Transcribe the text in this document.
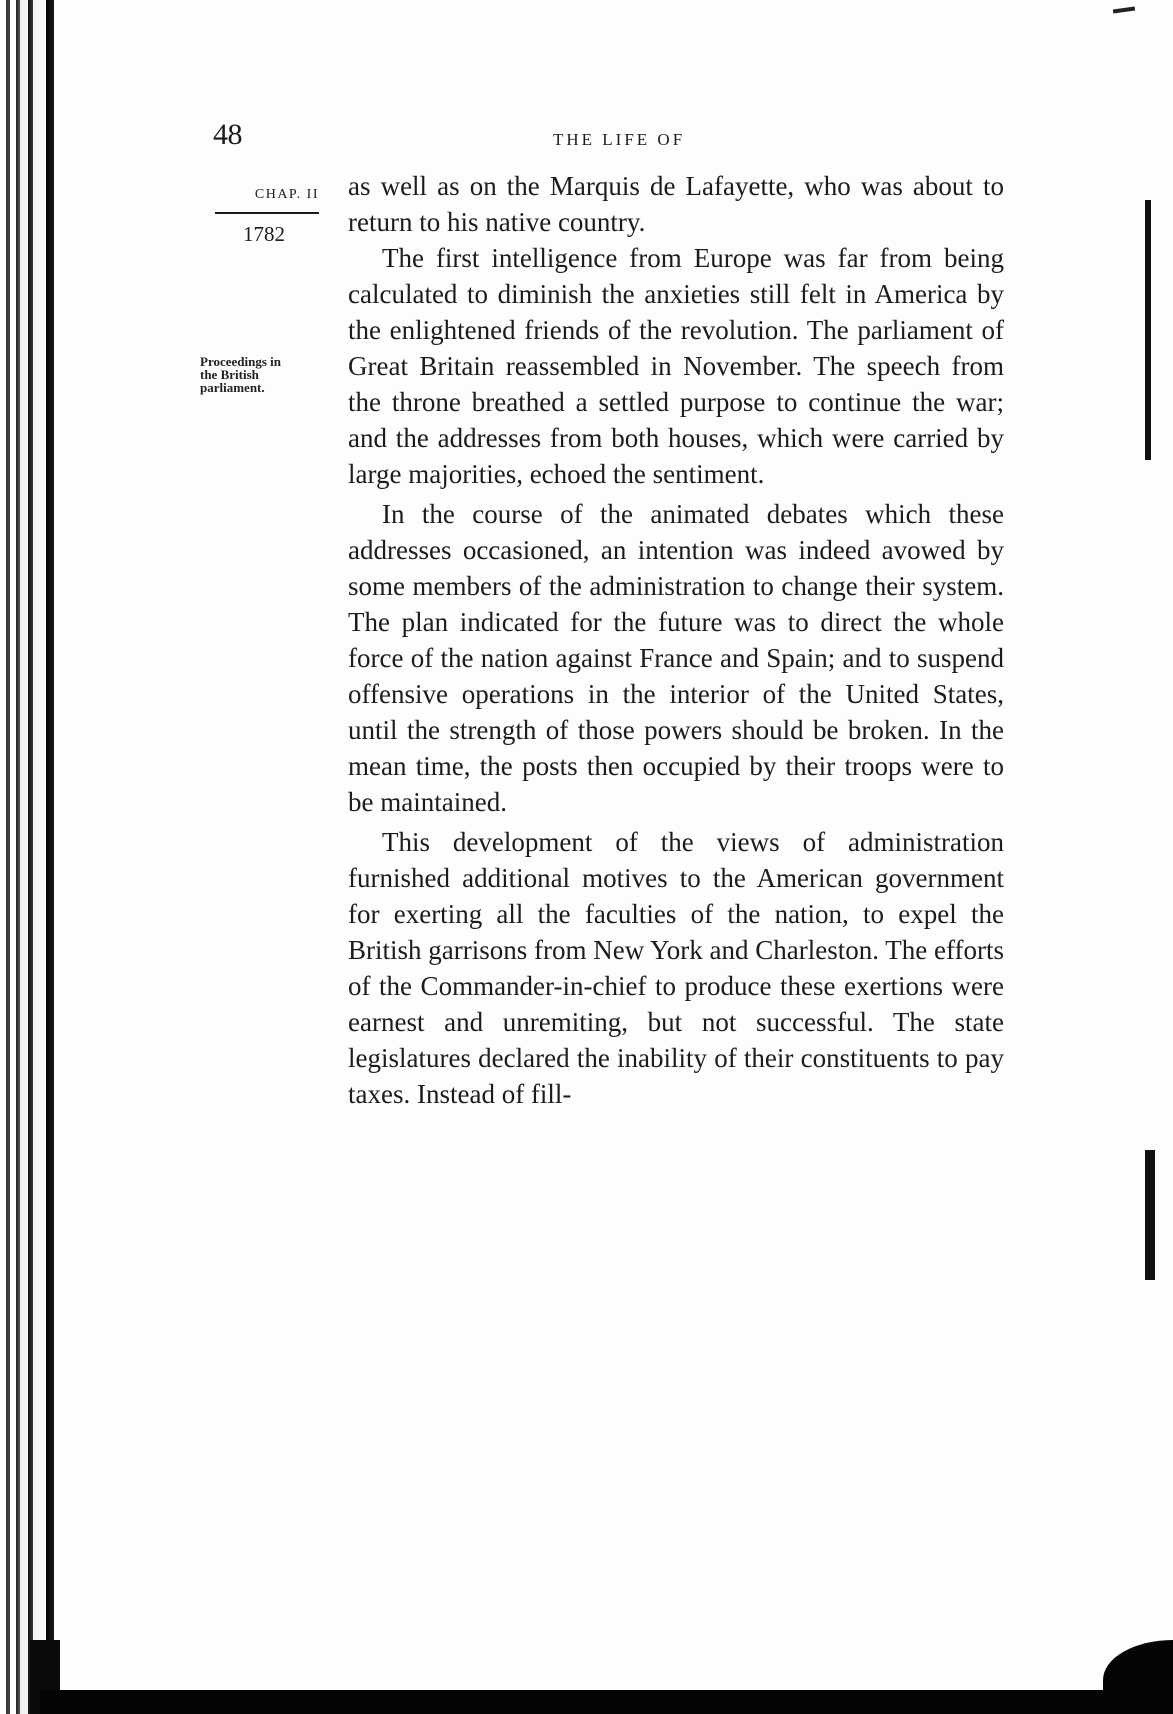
48	THE LIFE OF
CHAP. II
1782
Proceedings in the British parliament.

as well as on the Marquis de Lafayette, who was about to return to his native country.

The first intelligence from Europe was far from being calculated to diminish the anxieties still felt in America by the enlightened friends of the revolution. The parliament of Great Britain reassembled in November. The speech from the throne breathed a settled purpose to continue the war; and the addresses from both houses, which were carried by large majorities, echoed the sentiment.

In the course of the animated debates which these addresses occasioned, an intention was indeed avowed by some members of the administration to change their system. The plan indicated for the future was to direct the whole force of the nation against France and Spain; and to suspend offensive operations in the interior of the United States, until the strength of those powers should be broken. In the mean time, the posts then occupied by their troops were to be maintained.

This development of the views of administration furnished additional motives to the American government for exerting all the faculties of the nation, to expel the British garrisons from New York and Charleston. The efforts of the Commander-in-chief to produce these exertions were earnest and unremiting, but not successful. The state legislatures declared the inability of their constituents to pay taxes. Instead of fill-
